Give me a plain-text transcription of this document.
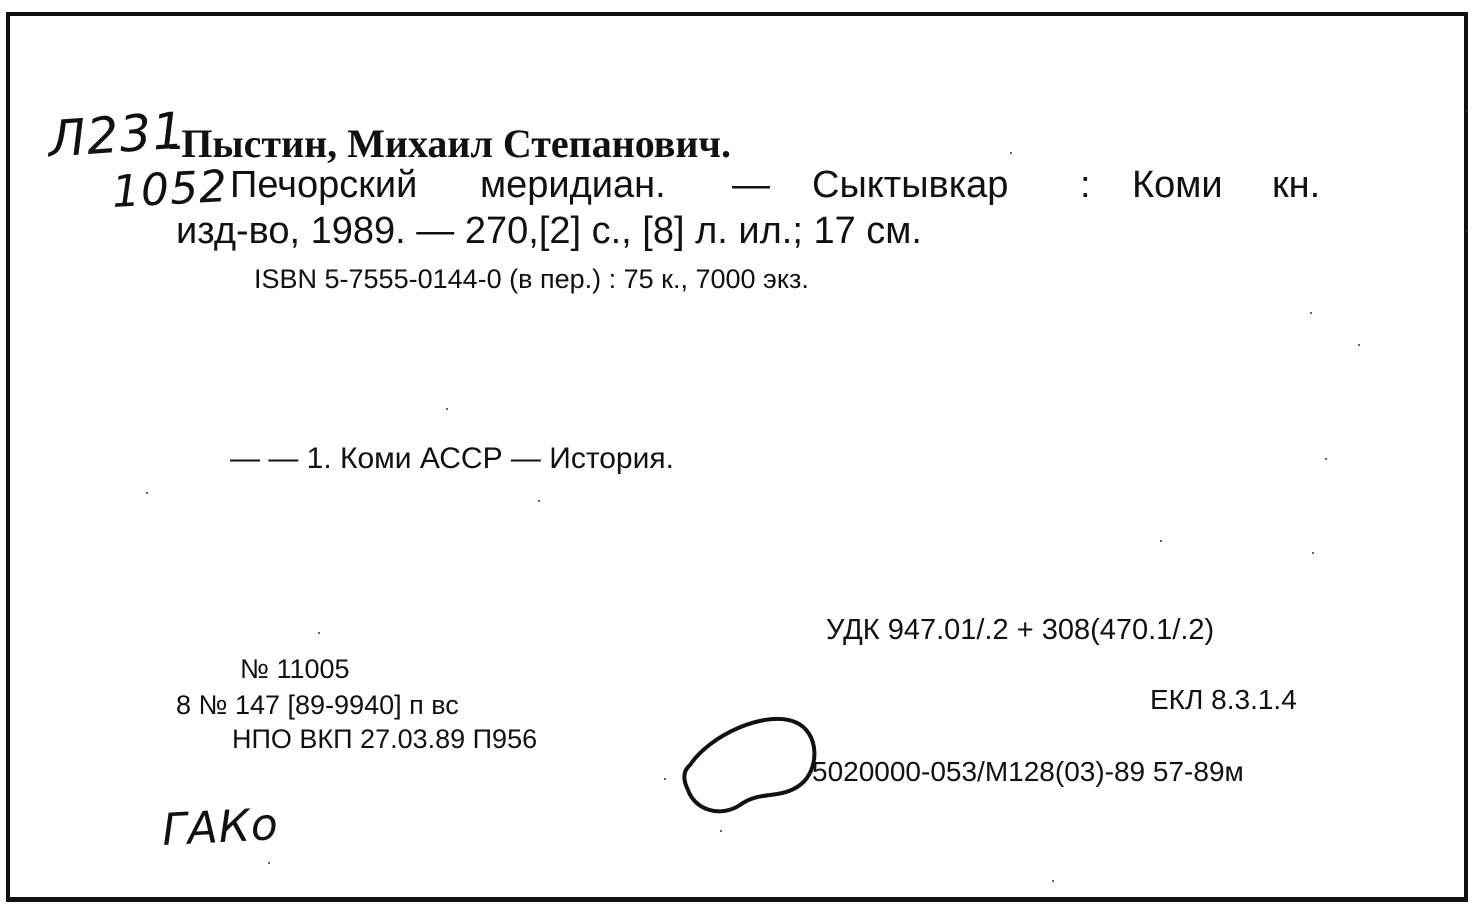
Л231
1052
-Пыстин, Михаил Степанович.
Печорский меридиан. — Сыктывкар : Коми кн.
изд-во, 1989. — 270,[2] с., [8] л. ил.; 17 см.
ISBN 5-7555-0144-0 (в пер.) : 75 к., 7000 экз.
— — 1. Коми АССР — История.
УДК 947.01/.2 + 308(470.1/.2)
№ 11005
8 № 147 [89-9940] п вс	ЕКЛ 8.3.1.4
НПО ВКП 27.03.89 П956
5020000-053/М128(03)-89 57-89м
ГАКо
